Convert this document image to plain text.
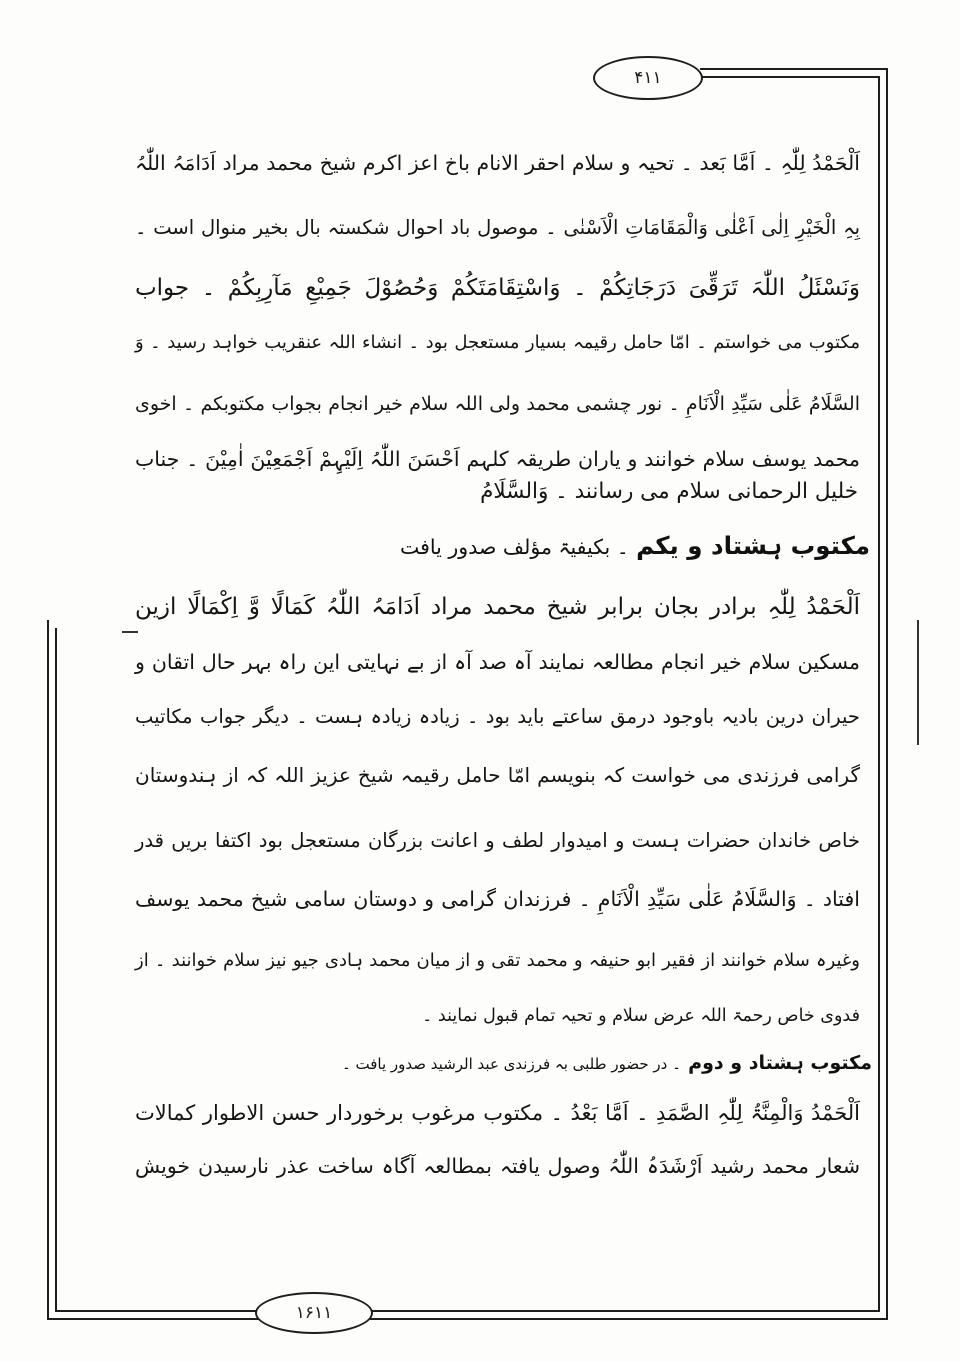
۴۱۱
۱۶۱۱
اَلْحَمْدُ لِلّٰہِ ۔ اَمَّا بَعد ۔ تحیہ و سلام احقر الانام باخ اعز اکرم شیخ محمد مراد اَدَامَہُ اللّٰہُ
بِہِ الْخَیْرِ اِلٰی اَعْلٰی وَالْمَقَامَاتِ الْاَسْنٰی ۔ موصول باد احوال شکستہ بال بخیر منوال است ۔
وَنَسْئَلُ اللّٰہَ تَرَقِّیَ دَرَجَاتِکُمْ ۔ وَاسْتِقَامَتَکُمْ وَحُصُوْلَ جَمِیْعِ مَآرِبِکُمْ ۔ جواب
مکتوب می خواستم ۔ امّا حامل رقیمہ بسیار مستعجل بود ۔ انشاء اللہ عنقریب خواہد رسید ۔ وَ
السَّلَامُ عَلٰی سَیِّدِ الْاَنَامِ ۔ نور چشمی محمد ولی اللہ سلام خیر انجام بجواب مکتوبکم ۔ اخوی
محمد یوسف سلام خوانند و یاران طریقہ کلہم اَحْسَنَ اللّٰہُ اِلَیْہِمْ اَجْمَعِیْنَ اٰمِیْنَ ۔ جناب
خلیل الرحمانی سلام می رسانند ۔ وَالسَّلَامُ
مکتوب ہشتاد و یکم ۔ بکیفیۃ مؤلف صدور یافت
اَلْحَمْدُ لِلّٰہِ برادر بجان برابر شیخ محمد مراد اَدَامَہُ اللّٰہُ کَمَالًا وَّ اِکْمَالًا ازین
مسکین سلام خیر انجام مطالعہ نمایند آہ صد آہ از بے نہایتی این راہ بہر حال اتقان و
حیران درین بادیہ باوجود درمق ساعتے باید بود ۔ زیادہ زیادہ ہست ۔ دیگر جواب مکاتیب
گرامی فرزندی می خواست کہ بنویسم امّا حامل رقیمہ شیخ عزیز اللہ کہ از ہندوستان
خاص خاندان حضرات ہست و امیدوار لطف و اعانت بزرگان مستعجل بود اکتفا بریں قدر
افتاد ۔ وَالسَّلَامُ عَلٰی سَیِّدِ الْاَنَامِ ۔ فرزندان گرامی و دوستان سامی شیخ محمد یوسف
وغیرہ سلام خوانند از فقیر ابو حنیفہ و محمد تقی و از میان محمد ہادی جیو نیز سلام خوانند ۔ از
فدوی خاص رحمۃ اللہ عرض سلام و تحیہ تمام قبول نمایند ۔
مکتوب ہشتاد و دوم ۔ در حضور طلبی بہ فرزندی عبد الرشید صدور یافت ۔
اَلْحَمْدُ وَالْمِنَّۃُ لِلّٰہِ الصَّمَدِ ۔ اَمَّا بَعْدُ ۔ مکتوب مرغوب برخوردار حسن الاطوار کمالات
شعار محمد رشید اَرْشَدَہُ اللّٰہُ وصول یافتہ بمطالعہ آگاہ ساخت عذر نارسیدن خویش
